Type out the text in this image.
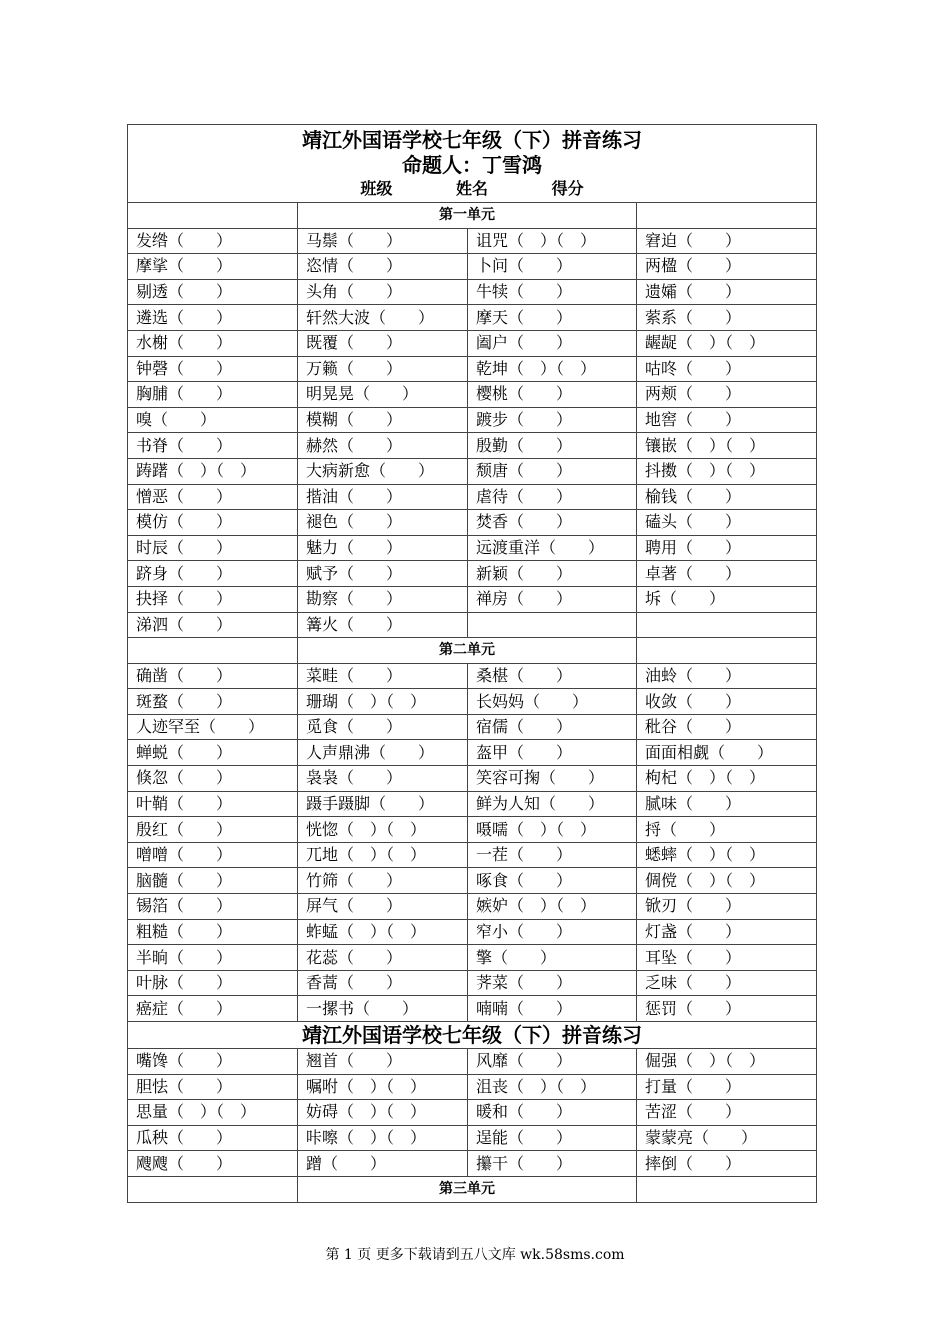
靖江外国语学校七年级（下）拼音练习
命题人：丁雪鸿
班级 姓名 得分			

	第一单元		
发绺（　　）	马鬃（　　）	诅咒（　）（　）	窘迫（　　）
摩挲（　　）	恣情（　　）	卜问（　　）	两楹（　　）
剔透（　　）	头角（　　）	牛犊（　　）	遗孀（　　）
遴选（　　）	轩然大波（　　）	摩天（　　）	萦系（　　）
水榭（　　）	既覆（　　）	阖户（　　）	龌龊（　）（　）
钟磬（　　）	万籁（　　）	乾坤（　）（　）	咕咚（　　）
胸脯（　　）	明晃晃（　　）	樱桃（　　）	两颊（　　）
嗅（　　）	模糊（　　）	踱步（　　）	地窖（　　）
书脊（　　）	赫然（　　）	殷勤（　　）	镶嵌（　）（　）
踌躇（　）（　）	大病新愈（　　）	颓唐（　　）	抖擞（　）（　）
憎恶（　　）	揩油（　　）	虐待（　　）	榆钱（　　）
模仿（　　）	褪色（　　）	焚香（　　）	磕头（　　）
时辰（　　）	魅力（　　）	远渡重洋（　　）	聘用（　　）
跻身（　　）	赋予（　　）	新颖（　　）	卓著（　　）
抉择（　　）	勘察（　　）	禅房（　　）	坼（　　）
涕泗（　　）	篝火（　　）		
	第二单元		
确凿（　　）	菜畦（　　）	桑椹（　　）	油蛉（　　）
斑蝥（　　）	珊瑚（　）（　）	长妈妈（　　）	收敛（　　）
人迹罕至（　　）	觅食（　　）	宿儒（　　）	秕谷（　　）
蝉蜕（　　）	人声鼎沸（　　）	盔甲（　　）	面面相觑（　　）
倏忽（　　）	袅袅（　　）	笑容可掬（　　）	枸杞（　）（　）
叶鞘（　　）	蹑手蹑脚（　　）	鲜为人知（　　）	腻味（　　）
殷红（　　）	恍惚（　）（　）	嗫嚅（　）（　）	捋（　　）
噌噌（　　）	兀地（　）（　）	一茬（　　）	蟋蟀（　）（　）
脑髓（　　）	竹筛（　　）	啄食（　　）	倜傥（　）（　）
锡箔（　　）	屏气（　　）	嫉妒（　）（　）	锨刃（　　）
粗糙（　　）	蚱蜢（　）（　）	窄小（　　）	灯盏（　　）
半晌（　　）	花蕊（　　）	擎（　　）	耳坠（　　）
叶脉（　　）	香蒿（　　）	荠菜（　　）	乏味（　　）
癌症（　　）	一摞书（　　）	喃喃（　　）	惩罚（　　）
靖江外国语学校七年级（下）拼音练习			
嘴馋（　　）	翘首（　　）	风靡（　　）	倔强（　）（　）
胆怯（　　）	嘱咐（　）（　）	沮丧（　）（　）	打量（　　）
思量（　）（　）	妨碍（　）（　）	暖和（　　）	苦涩（　　）
瓜秧（　　）	咔嚓（　）（　）	逞能（　　）	蒙蒙亮（　　）
飕飕（　　）	蹭（　　）	攥干（　　）	摔倒（　　）
	第三单元		
第 1 页 更多下载请到五八文库 wk.58sms.com
